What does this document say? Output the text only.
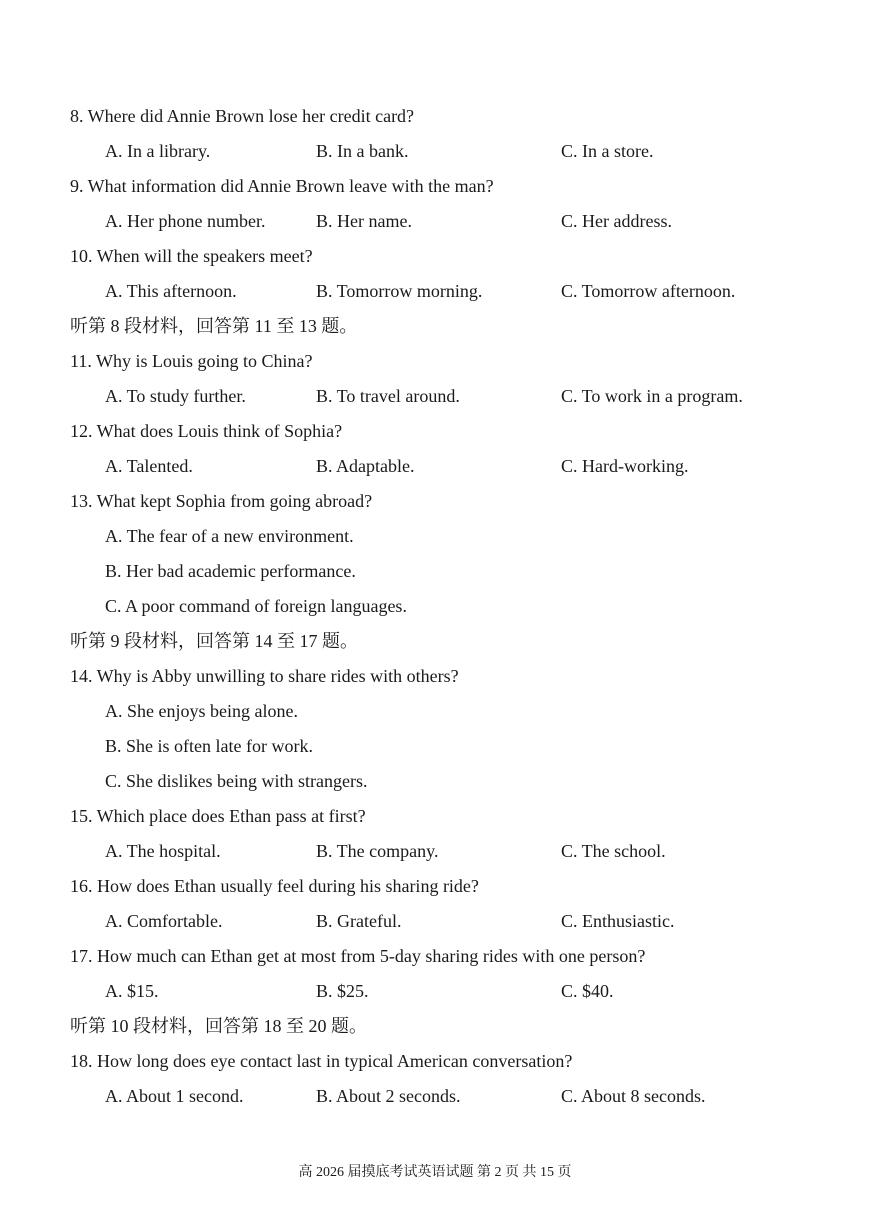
8. Where did Annie Brown lose her credit card?
A. In a library.	B. In a bank.	C. In a store.
9. What information did Annie Brown leave with the man?
A. Her phone number.	B. Her name.	C. Her address.
10. When will the speakers meet?
A. This afternoon.	B. Tomorrow morning.	C. Tomorrow afternoon.
听第 8 段材料，回答第 11 至 13 题。
11. Why is Louis going to China?
A. To study further.	B. To travel around.	C. To work in a program.
12. What does Louis think of Sophia?
A. Talented.	B. Adaptable.	C. Hard-working.
13. What kept Sophia from going abroad?
A. The fear of a new environment.
B. Her bad academic performance.
C. A poor command of foreign languages.
听第 9 段材料，回答第 14 至 17 题。
14. Why is Abby unwilling to share rides with others?
A. She enjoys being alone.
B. She is often late for work.
C. She dislikes being with strangers.
15. Which place does Ethan pass at first?
A. The hospital.	B. The company.	C. The school.
16. How does Ethan usually feel during his sharing ride?
A. Comfortable.	B. Grateful.	C. Enthusiastic.
17. How much can Ethan get at most from 5-day sharing rides with one person?
A. $15.	B. $25.	C. $40.
听第 10 段材料，回答第 18 至 20 题。
18. How long does eye contact last in typical American conversation?
A. About 1 second.	B. About 2 seconds.	C. About 8 seconds.
高 2026 届摸底考试英语试题 第 2 页 共 15 页
